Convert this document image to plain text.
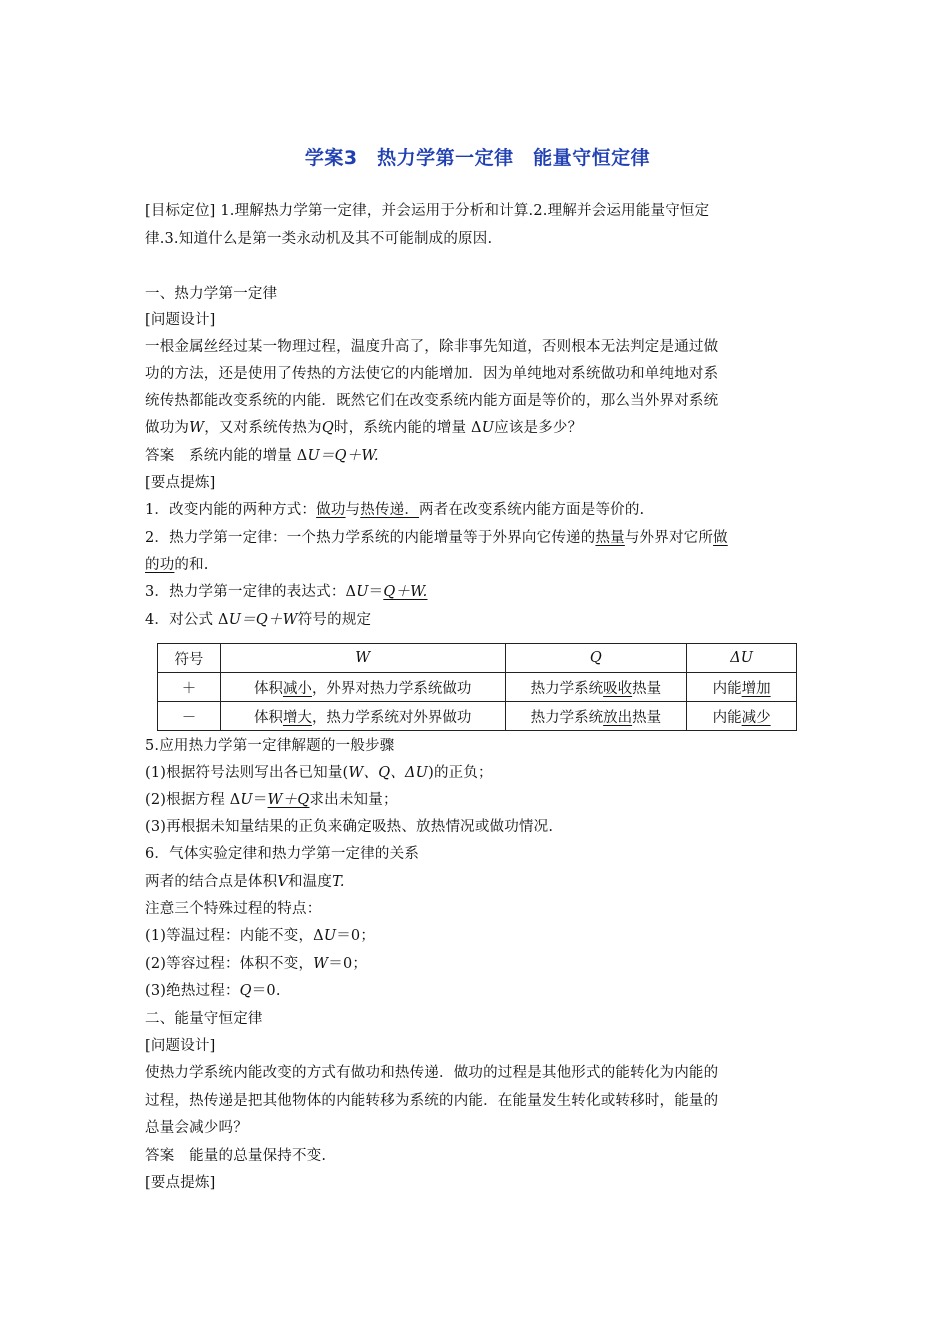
学案3　热力学第一定律　能量守恒定律
[目标定位] 1.理解热力学第一定律，并会运用于分析和计算.2.理解并会运用能量守恒定
律.3.知道什么是第一类永动机及其不可能制成的原因.
一、热力学第一定律
[问题设计]
一根金属丝经过某一物理过程，温度升高了，除非事先知道，否则根本无法判定是通过做
功的方法，还是使用了传热的方法使它的内能增加．因为单纯地对系统做功和单纯地对系
统传热都能改变系统的内能．既然它们在改变系统内能方面是等价的，那么当外界对系统
做功为W，又对系统传热为Q时，系统内能的增量 ΔU应该是多少？
答案　系统内能的增量 ΔU＝Q＋W.
[要点提炼]
1．改变内能的两种方式：做功与热传递．两者在改变系统内能方面是等价的.
2．热力学第一定律：一个热力学系统的内能增量等于外界向它传递的热量与外界对它所做
的功的和.
3．热力学第一定律的表达式：ΔU＝Q＋W.
4．对公式 ΔU＝Q＋W符号的规定
符号	W	Q	ΔU
＋	体积减小，外界对热力学系统做功	热力学系统吸收热量	内能增加
－	体积增大，热力学系统对外界做功	热力学系统放出热量	内能减少
5.应用热力学第一定律解题的一般步骤
(1)根据符号法则写出各已知量(W、Q、ΔU)的正负；
(2)根据方程 ΔU＝W＋Q求出未知量；
(3)再根据未知量结果的正负来确定吸热、放热情况或做功情况.
6．气体实验定律和热力学第一定律的关系
两者的结合点是体积V和温度T.
注意三个特殊过程的特点：
(1)等温过程：内能不变，ΔU＝0；
(2)等容过程：体积不变，W＝0；
(3)绝热过程：Q＝0.
二、能量守恒定律
[问题设计]
使热力学系统内能改变的方式有做功和热传递．做功的过程是其他形式的能转化为内能的
过程，热传递是把其他物体的内能转移为系统的内能．在能量发生转化或转移时，能量的
总量会减少吗？
答案　能量的总量保持不变.
[要点提炼]
